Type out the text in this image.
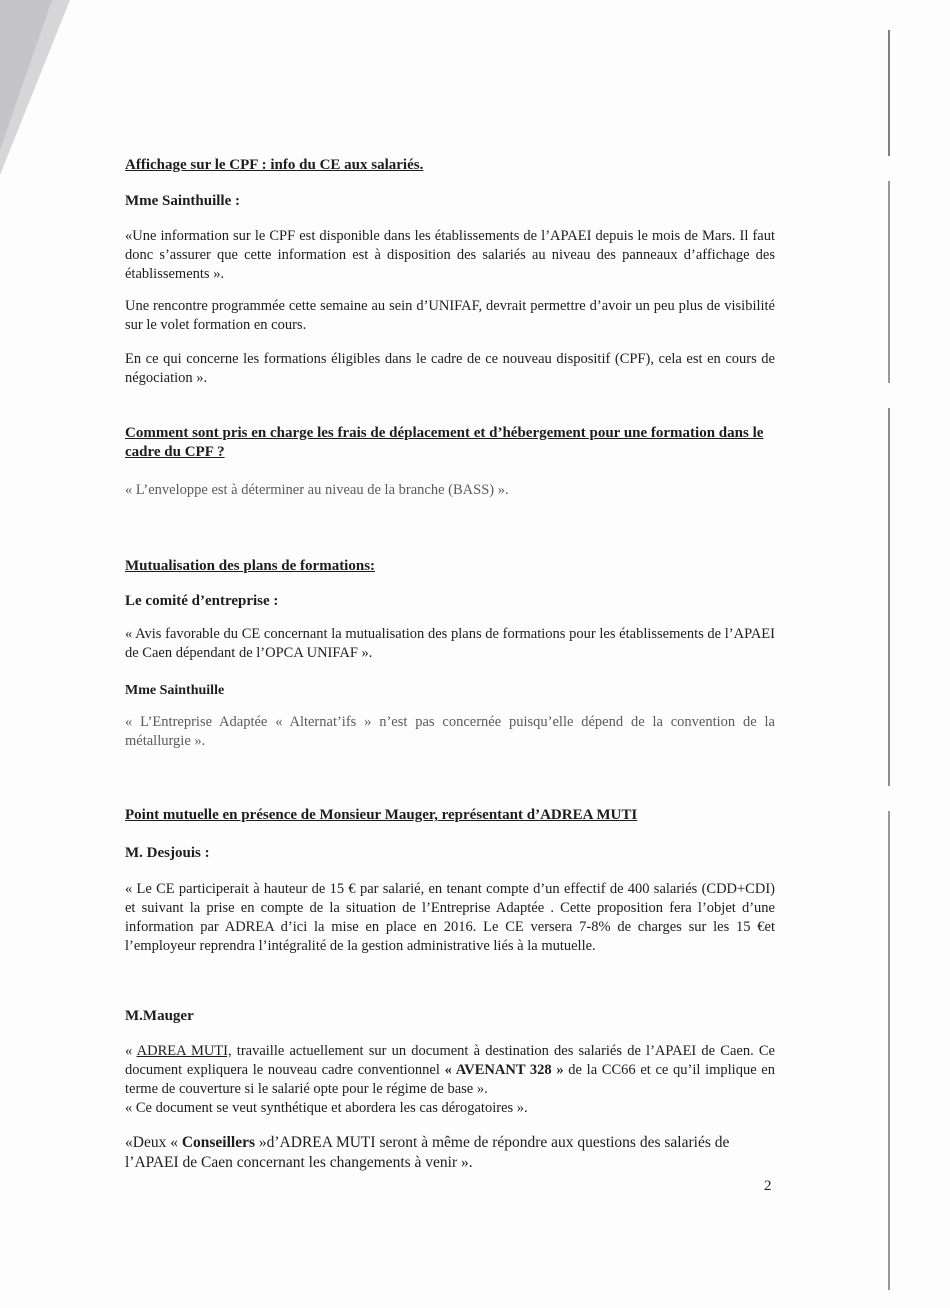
Affichage sur le CPF : info du CE aux salariés.
Mme Sainthuille :
«Une information sur le CPF est disponible dans les établissements de l’APAEI depuis le mois de Mars. Il faut donc s’assurer que cette information est à disposition des salariés au niveau des panneaux d’affichage des établissements ».
Une rencontre programmée cette semaine au sein d’UNIFAF, devrait permettre d’avoir un peu plus de visibilité sur le volet formation en cours.
En ce qui concerne les formations éligibles dans le cadre de ce nouveau dispositif (CPF), cela est en cours de négociation ».
Comment sont pris en charge les frais de déplacement et d’hébergement pour une formation dans le cadre du CPF ?
« L’enveloppe est à déterminer au niveau de la branche (BASS) ».
Mutualisation des plans de formations:
Le comité d’entreprise :
« Avis favorable du CE concernant la mutualisation des plans de formations pour les établissements de l’APAEI de Caen dépendant de l’OPCA UNIFAF ».
Mme Sainthuille
« L’Entreprise Adaptée « Alternat’ifs » n’est pas concernée puisqu’elle dépend de la convention de la métallurgie ».
Point mutuelle en présence de Monsieur Mauger, représentant d’ADREA MUTI
M. Desjouis :
« Le CE participerait à hauteur de 15 € par salarié, en tenant compte d’un effectif de 400 salariés (CDD+CDI) et suivant la prise en compte de la situation de l’Entreprise Adaptée . Cette proposition fera l’objet d’une information par ADREA d’ici la mise en place en 2016. Le CE versera 7-8% de charges sur les 15 €et l’employeur reprendra l’intégralité de la gestion administrative liés à la mutuelle.
M.Mauger
« ADREA MUTI, travaille actuellement sur un document à destination des salariés de l’APAEI de Caen. Ce document expliquera le nouveau cadre conventionnel « AVENANT 328 » de la CC66 et ce qu’il implique en terme de couverture si le salarié opte pour le régime de base ».
« Ce document se veut synthétique et abordera les cas dérogatoires ».
«Deux « Conseillers »d’ADREA MUTI seront à même de répondre aux questions des salariés de l’APAEI de Caen concernant les changements à venir ».
2
